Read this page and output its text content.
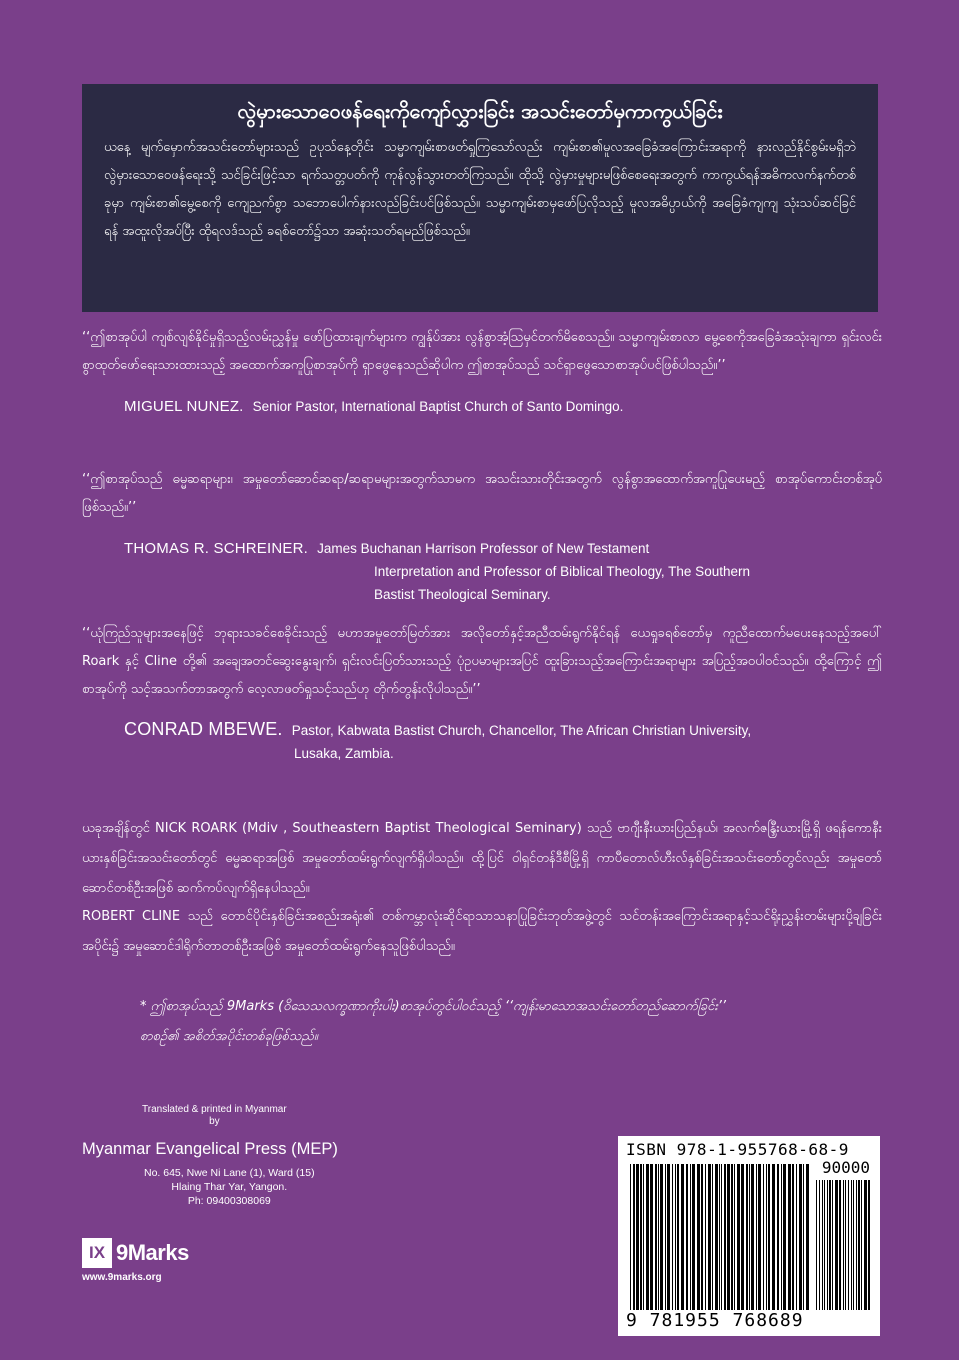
လွဲမှားသောဝေဖန်ရေးကိုကျော်လွှားခြင်း အသင်းတော်မှကာကွယ်ခြင်း

ယနေ့ မျက်မှောက်အသင်းတော်များသည် ဥပုသ်နေ့တိုင်း သမ္မာကျမ်းစာဖတ်ရှုကြသော်လည်း ကျမ်းစာ၏မူလအခြေခံအကြောင်းအရာကို နားလည်နိုင်စွမ်းမရှိဘဲ လွဲမှားသောဝေဖန်ရေးသို့ သင်ခြင်းဖြင့်သာ ရက်သတ္တပတ်ကို ကုန်လွန်သွားတတ်ကြသည်။ ထိုသို့ လွဲမှားမှုများမဖြစ်စေရေးအတွက် ကာကွယ်ရန်အဓိကလက်နက်တစ်ခုမှာ ကျမ်းစာ၏မွေ့စေကို ကျေညက်စွာ သဘောပေါက်နားလည်ခြင်းပင်ဖြစ်သည်။ သမ္မာကျမ်းစာမှဖော်ပြလိုသည့် မူလအဓိပ္ပာယ်ကို အခြေခံကျကျ သုံးသပ်ဆင်ခြင်ရန် အထူးလိုအပ်ပြီး ထိုရလဒ်သည် ခရစ်တော်၌သာ အဆုံးသတ်ရမည်ဖြစ်သည်။

‘‘ဤစာအုပ်ပါ ကျစ်လျစ်နိုင်မှုရှိသည့်လမ်းညွှန်မှု ဖော်ပြထားချက်များက ကျွန်ုပ်အား လွန်စွာအံ့သြမှင်တက်မိစေသည်။ သမ္မာကျမ်းစာလာ မွေ့စေကိုအခြေခံအသုံးချကာ ရှင်းလင်းစွာထုတ်ဖော်ရေးသားထားသည့် အထောက်အကူပြုစာအုပ်ကို ရှာဖွေနေသည်ဆိုပါက ဤစာအုပ်သည် သင်ရှာဖွေသောစာအုပ်ပင်ဖြစ်ပါသည်။’’

MIGUEL NUNEZ. Senior Pastor, International Baptist Church of Santo Domingo.

‘‘ဤစာအုပ်သည် ဓမ္မဆရာများ၊ အမှုတော်ဆောင်ဆရာ/ဆရာမများအတွက်သာမက အသင်းသားတိုင်းအတွက် လွန်စွာအထောက်အကူပြုပေးမည့် စာအုပ်ကောင်းတစ်အုပ်ဖြစ်သည်။’’

THOMAS R. SCHREINER. James Buchanan Harrison Professor of New Testament
Interpretation and Professor of Biblical Theology, The Southern
Bastist Theological Seminary.

‘‘ယုံကြည်သူများအနေဖြင့် ဘုရားသခင်စေခိုင်းသည့် မဟာအမှုတော်မြတ်အား အလိုတော်နှင့်အညီထမ်းရွက်နိုင်ရန် ယေရှုခရစ်တော်မှ ကူညီထောက်မပေးနေသည့်အပေါ် Roark နှင့် Cline တို့၏ အချေအတင်ဆွေးနွေးချက်၊ ရှင်းလင်းပြတ်သားသည့် ပုံဥပမာများအပြင် ထူးခြားသည့်အကြောင်းအရာများ အပြည့်အဝပါဝင်သည်။ ထို့ကြောင့် ဤစာအုပ်ကို သင့်အသက်တာအတွက် လေ့လာဖတ်ရှုသင့်သည်ဟု တိုက်တွန်းလိုပါသည်။’’

CONRAD MBEWE. Pastor, Kabwata Bastist Church, Chancellor, The African Christian University,
Lusaka, Zambia.

ယခုအချိန်တွင် NICK ROARK (Mdiv , Southeastern Baptist Theological Seminary) သည် ဗာဂျီးနီးယားပြည်နယ်၊ အလက်ဇန္ဒြီးယားမြို့ရှိ ဖရန်ကောနီးယားနှစ်ခြင်းအသင်းတော်တွင် ဓမ္မဆရာအဖြစ် အမှုတော်ထမ်းရွက်လျက်ရှိပါသည်။ ထို့ပြင် ဝါရှင်တန်ဒီစီမြို့ရှိ ကာပီတောလ်ဟီးလ်နှစ်ခြင်းအသင်းတော်တွင်လည်း အမှုတော်ဆောင်တစ်ဦးအဖြစ် ဆက်ကပ်လျက်ရှိနေပါသည်။

ROBERT CLINE သည် တောင်ပိုင်းနှစ်ခြင်းအစည်းအရုံး၏ တစ်ကမ္ဘာလုံးဆိုင်ရာသာသနာပြုခြင်းဘုတ်အဖွဲ့တွင် သင်တန်းအကြောင်းအရာနှင့်သင်ရိုးညွှန်းတမ်းများပို့ချခြင်းအပိုင်း၌ အမှုဆောင်ဒါရိုက်တာတစ်ဦးအဖြစ် အမှုတော်ထမ်းရွက်နေသူဖြစ်ပါသည်။

* ဤစာအုပ်သည် 9Marks (ဝိသေသလက္ခဏာကိုးပါး)စာအုပ်တွင်ပါဝင်သည့် ‘‘ကျန်းမာသောအသင်းတော်တည်ဆောက်ခြင်း’’
စာစဉ်၏ အစိတ်အပိုင်းတစ်ခုဖြစ်သည်။
Translated & printed in Myanmar
by
Myanmar Evangelical Press (MEP)
No. 645, Nwe Ni Lane (1), Ward (15)
Hlaing Thar Yar, Yangon.
Ph: 09400308069
IX 9Marks
www.9marks.org
ISBN 978-1-955768-68-9
90000
9 781955 768689
